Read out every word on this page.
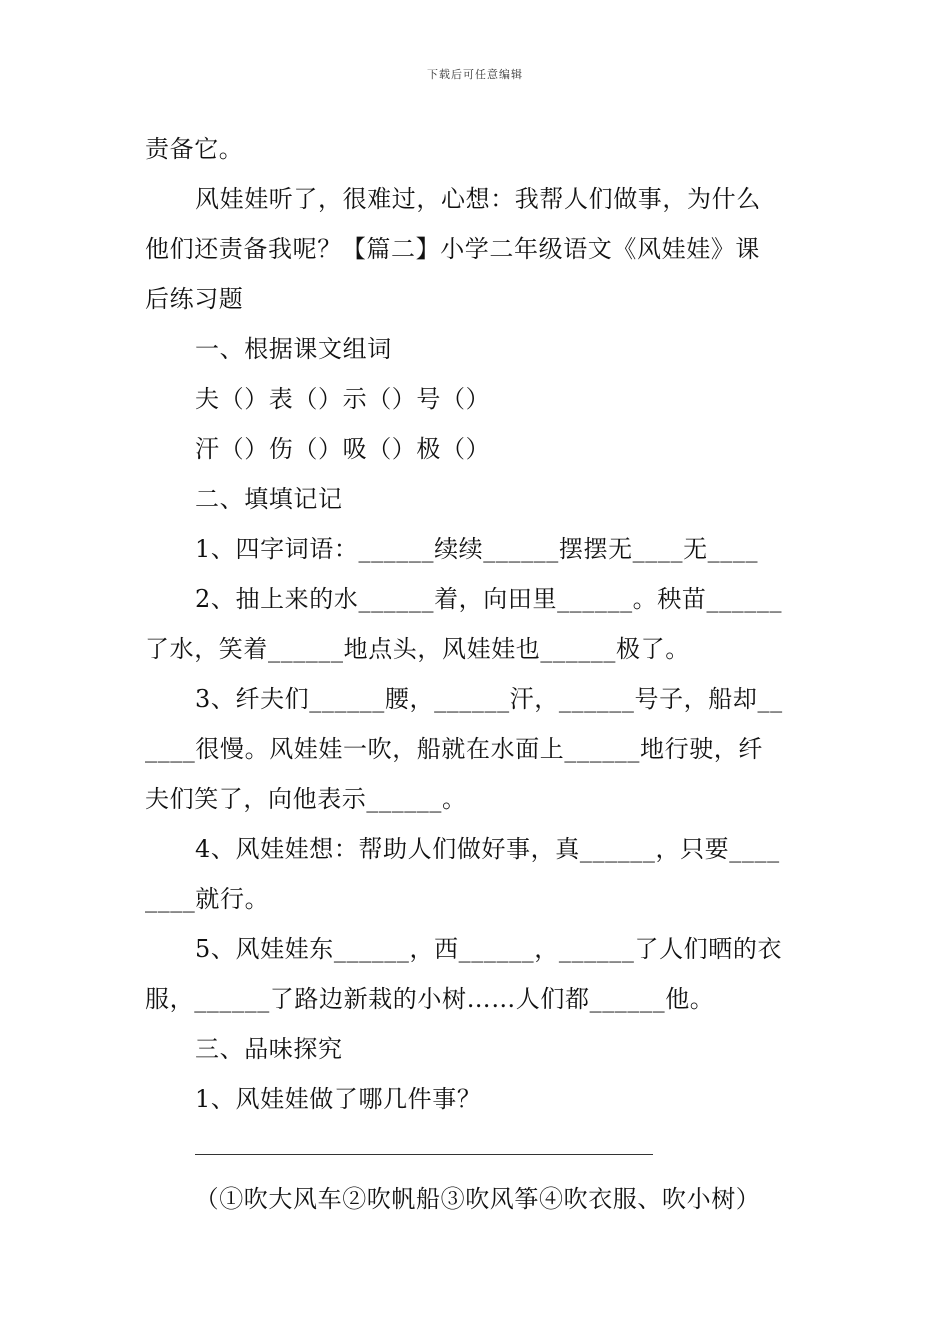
下载后可任意编辑
责备它。
风娃娃听了，很难过，心想：我帮人们做事，为什么
他们还责备我呢？【篇二】小学二年级语文《风娃娃》课
后练习题
一、根据课文组词
夫（）表（）示（）号（）
汗（）伤（）吸（）极（）
二、填填记记
1、四字词语：______续续______摆摆无____无____
2、抽上来的水______着，向田里______。秧苗______
了水，笑着______地点头，风娃娃也______极了。
3、纤夫们______腰，______汗，______号子，船却__
____很慢。风娃娃一吹，船就在水面上______地行驶，纤
夫们笑了，向他表示______。
4、风娃娃想：帮助人们做好事，真______，只要____
____就行。
5、风娃娃东______，西______，______了人们晒的衣
服，______了路边新栽的小树……人们都______他。
三、品味探究
1、风娃娃做了哪几件事？
（①吹大风车②吹帆船③吹风筝④吹衣服、吹小树）
